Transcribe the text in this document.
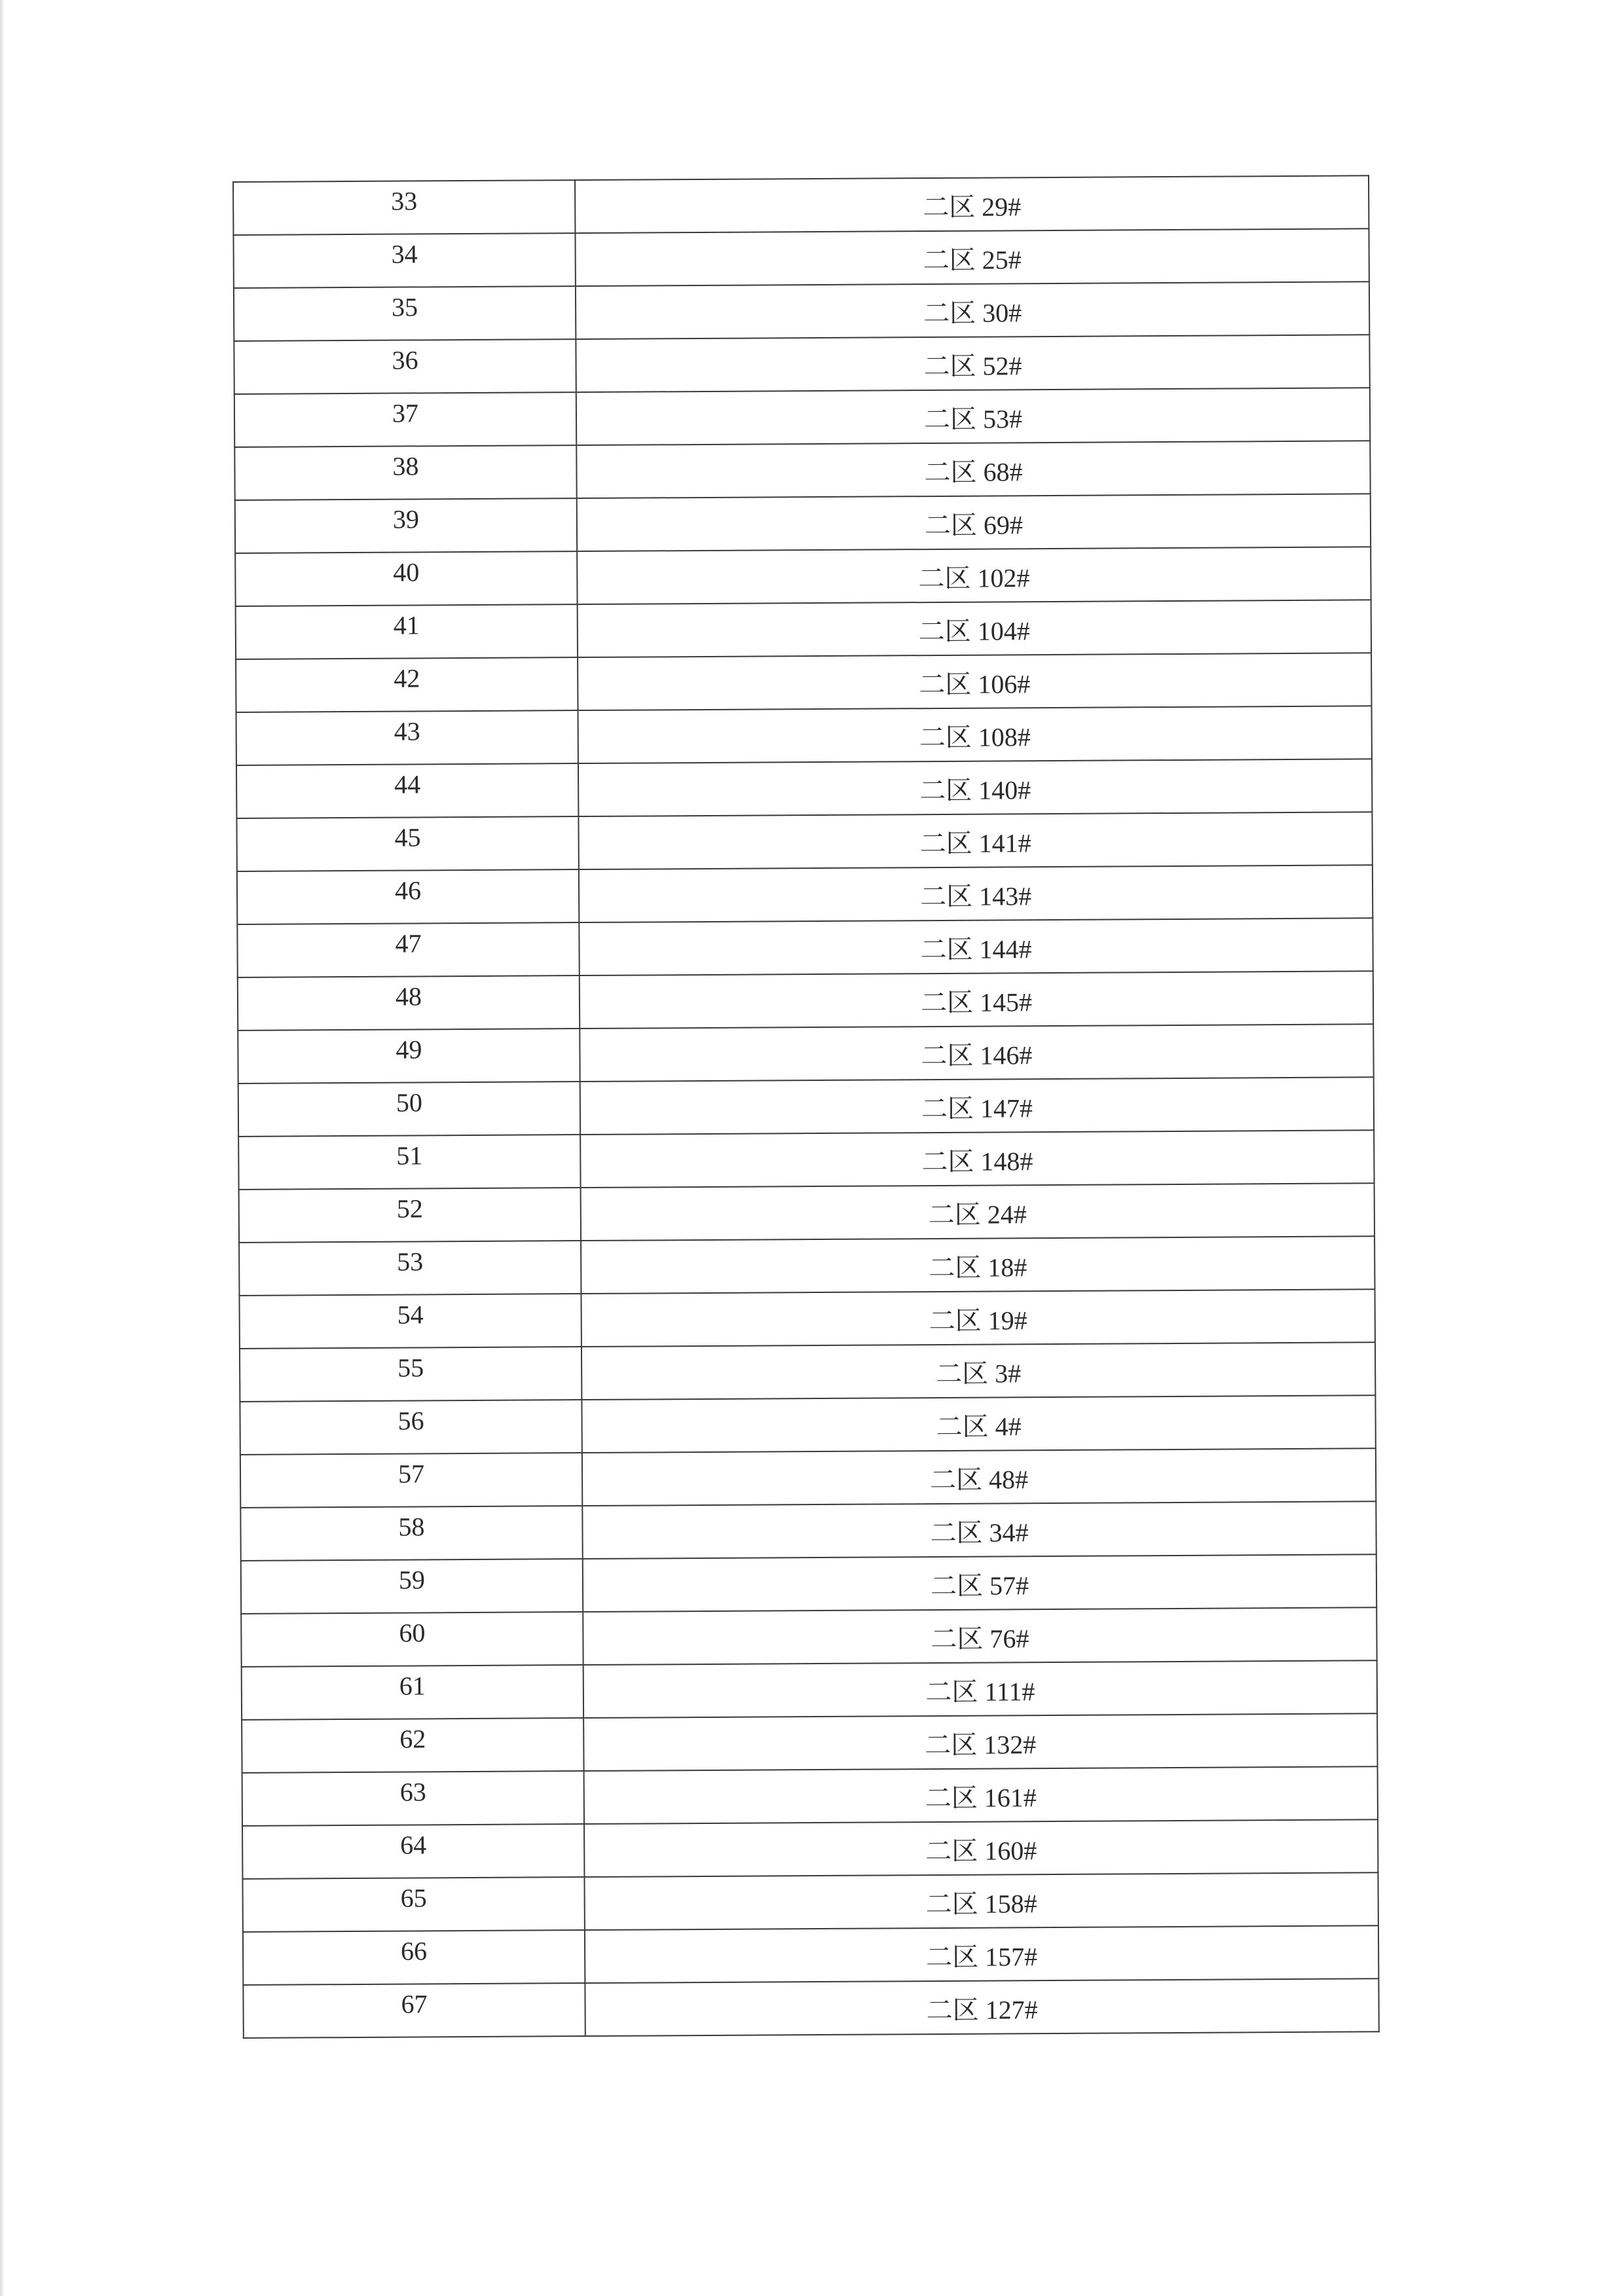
33	二区 29#
34	二区 25#
35	二区 30#
36	二区 52#
37	二区 53#
38	二区 68#
39	二区 69#
40	二区 102#
41	二区 104#
42	二区 106#
43	二区 108#
44	二区 140#
45	二区 141#
46	二区 143#
47	二区 144#
48	二区 145#
49	二区 146#
50	二区 147#
51	二区 148#
52	二区 24#
53	二区 18#
54	二区 19#
55	二区 3#
56	二区 4#
57	二区 48#
58	二区 34#
59	二区 57#
60	二区 76#
61	二区 111#
62	二区 132#
63	二区 161#
64	二区 160#
65	二区 158#
66	二区 157#
67	二区 127#
